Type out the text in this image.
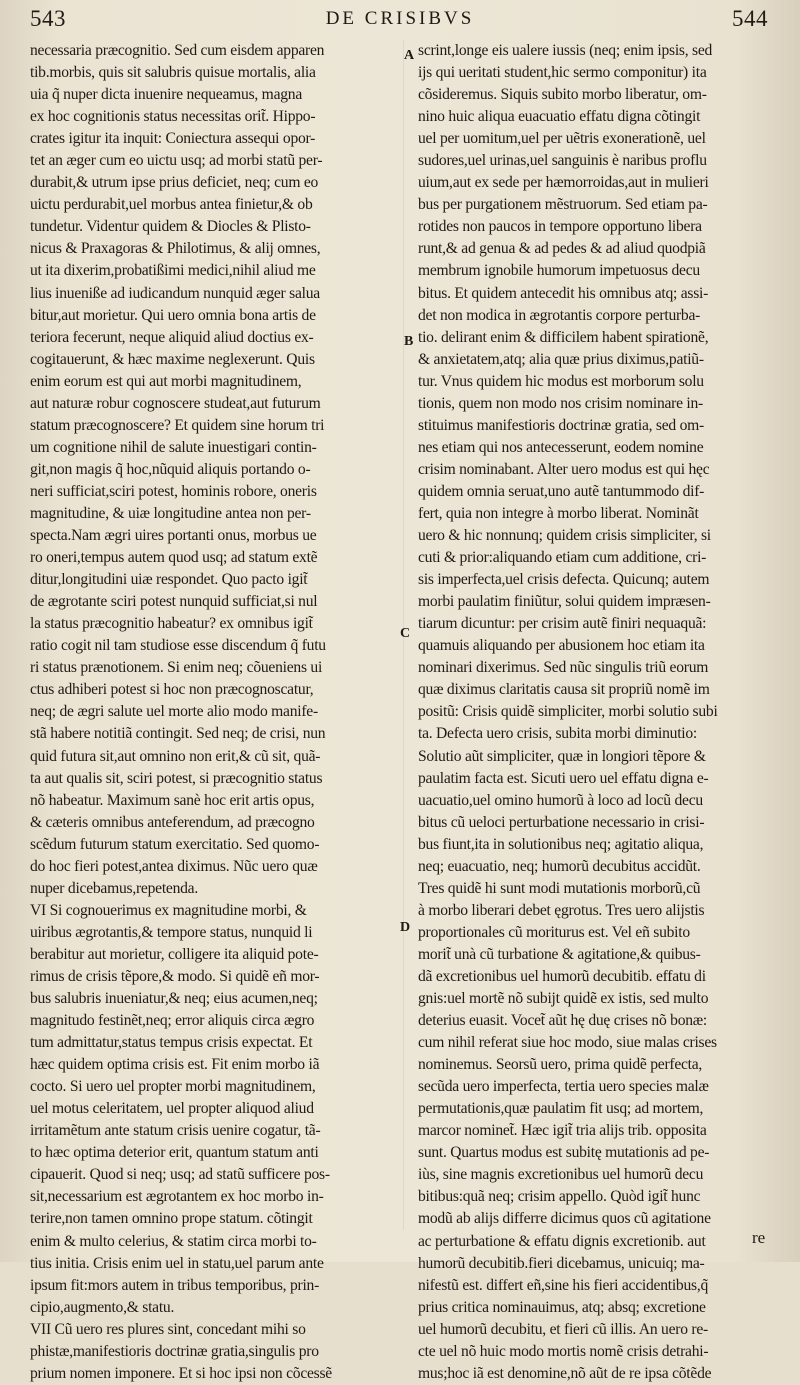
543	DE CRISIBVS	544
necessaria præcognitio. Sed cum eisdem apparen
tib.morbis, quis sit salubris quisue mortalis, alia
uia q̃ nuper dicta inuenire nequeamus, magna
ex hoc cognitionis status necessitas orit̃. Hippo-
crates igitur ita inquit: Coniectura assequi opor-
tet an æger cum eo uictu usq; ad morbi statũ per-
durabit,& utrum ipse prius deficiet, neq; cum eo
uictu perdurabit,uel morbus antea finietur,& ob
tundetur. Videntur quidem & Diocles & Plisto-
nicus & Praxagoras & Philotimus, & alij omnes,
ut ita dixerim,probatißimi medici,nihil aliud me
lius inueniße ad iudicandum nunquid æger salua
bitur,aut morietur. Qui uero omnia bona artis de
teriora fecerunt, neque aliquid aliud doctius ex-
cogitauerunt, & hæc maxime neglexerunt. Quis
enim eorum est qui aut morbi magnitudinem,
aut naturæ robur cognoscere studeat,aut futurum
statum præcognoscere? Et quidem sine horum tri
um cognitione nihil de salute inuestigari contin-
git,non magis q̃ hoc,nũquid aliquis portando o-
neri sufficiat,sciri potest, hominis robore, oneris
magnitudine, & uiæ longitudine antea non per-
specta.Nam ægri uires portanti onus, morbus ue
ro oneri,tempus autem quod usq; ad statum extẽ
ditur,longitudini uiæ respondet. Quo pacto igit̃
de ægrotante sciri potest nunquid sufficiat,si nul
la status præcognitio habeatur? ex omnibus igit̃
ratio cogit nil tam studiose esse discendum q̃ futu
ri status prænotionem. Si enim neq; cõueniens ui
ctus adhiberi potest si hoc non præcognoscatur,
neq; de ægri salute uel morte alio modo manife-
stã habere notitiã contingit. Sed neq; de crisi, nun
quid futura sit,aut omnino non erit,& cũ sit, quã-
ta aut qualis sit, sciri potest, si præcognitio status
nõ habeatur. Maximum sanè hoc erit artis opus,
& cæteris omnibus anteferendum, ad præcogno
scẽdum futurum statum exercitatio. Sed quomo-
do hoc fieri potest,antea diximus. Nũc uero quæ
nuper dicebamus,repetenda.
VI Si cognouerimus ex magnitudine morbi, &
uiribus ægrotantis,& tempore status, nunquid li
berabitur aut morietur, colligere ita aliquid pote-
rimus de crisis tẽpore,& modo. Si quidẽ eñ mor-
bus salubris inueniatur,& neq; eius acumen,neq;
magnitudo festinẽt,neq; error aliquis circa ægro
tum admittatur,status tempus crisis expectat. Et
hæc quidem optima crisis est. Fit enim morbo iã
cocto. Si uero uel propter morbi magnitudinem,
uel motus celeritatem, uel propter aliquod aliud
irritamẽtum ante statum crisis uenire cogatur, tã-
to hæc optima deterior erit, quantum statum anti
cipauerit. Quod si neq; usq; ad statũ sufficere pos-
sit,necessarium est ægrotantem ex hoc morbo in-
terire,non tamen omnino prope statum. cõtingit
enim & multo celerius, & statim circa morbi to-
tius initia. Crisis enim uel in statu,uel parum ante
ipsum fit:mors autem in tribus temporibus, prin-
cipio,augmento,& statu.
VII Cũ uero res plures sint, concedant mihi so
phistæ,manifestioris doctrinæ gratia,singulis pro
prium nomen imponere. Et si hoc ipsi non cõcessẽ
A
B
C
D
scrint,longe eis ualere iussis (neq; enim ipsis, sed
ijs qui ueritati student,hic sermo componitur) ita
cõsideremus. Siquis subito morbo liberatur, om-
nino huic aliqua euacuatio effatu digna cõtingit
uel per uomitum,uel per uẽtris exonerationẽ, uel
sudores,uel urinas,uel sanguinis è naribus proflu
uium,aut ex sede per hæmorroidas,aut in mulieri
bus per purgationem mẽstruorum. Sed etiam pa-
rotides non paucos in tempore opportuno libera
runt,& ad genua & ad pedes & ad aliud quodpiã
membrum ignobile humorum impetuosus decu
bitus. Et quidem antecedit his omnibus atq; assi-
det non modica in ægrotantis corpore perturba-
tio. delirant enim & difficilem habent spirationẽ,
& anxietatem,atq; alia quæ prius diximus,patiũ-
tur. Vnus quidem hic modus est morborum solu
tionis, quem non modo nos crisim nominare in-
stituimus manifestioris doctrinæ gratia, sed om-
nes etiam qui nos antecesserunt, eodem nomine
crisim nominabant. Alter uero modus est qui hęc
quidem omnia seruat,uno autẽ tantummodo dif-
fert, quia non integre à morbo liberat. Nominãt
uero & hic nonnunq; quidem crisis simpliciter, si
cuti & prior:aliquando etiam cum additione, cri-
sis imperfecta,uel crisis defecta. Quicunq; autem
morbi paulatim finiũtur, solui quidem impræsen-
tiarum dicuntur: per crisim autẽ finiri nequaquã:
quamuis aliquando per abusionem hoc etiam ita
nominari dixerimus. Sed nũc singulis triũ eorum
quæ diximus claritatis causa sit propriũ nomẽ im
positũ: Crisis quidẽ simpliciter, morbi solutio subi
ta. Defecta uero crisis, subita morbi diminutio:
Solutio aũt simpliciter, quæ in longiori tẽpore &
paulatim facta est. Sicuti uero uel effatu digna e-
uacuatio,uel omino humorũ à loco ad locũ decu
bitus cũ ueloci perturbatione necessario in crisi-
bus fiunt,ita in solutionibus neq; agitatio aliqua,
neq; euacuatio, neq; humorũ decubitus accidũt.
Tres quidẽ hi sunt modi mutationis morborũ,cũ
à morbo liberari debet ęgrotus. Tres uero alijstis
proportionales cũ moriturus est. Vel eñ subito
morit̃ unà cũ turbatione & agitatione,& quibus-
dã excretionibus uel humorũ decubitib. effatu di
gnis:uel mortẽ nõ subijt quidẽ ex istis, sed multo
deterius euasit. Vocet̃ aũt hę duę crises nõ bonæ:
cum nihil referat siue hoc modo, siue malas crises
nominemus. Seorsũ uero, prima quidẽ perfecta,
secũda uero imperfecta, tertia uero species malæ
permutationis,quæ paulatim fit usq; ad mortem,
marcor nominet̃. Hæc igit̃ tria alijs trib. opposita
sunt. Quartus modus est subitę mutationis ad pe-
iùs, sine magnis excretionibus uel humorũ decu
bitibus:quã neq; crisim appello. Quòd igit̃ hunc
modũ ab alijs differre dicimus quos cũ agitatione
ac perturbatione & effatu dignis excretionib. aut
humorũ decubitib.fieri dicebamus, unicuiq; ma-
nifestũ est. differt eñ,sine his fieri accidentibus,q̃
prius critica nominauimus, atq; absq; excretione
uel humorũ decubitu, et fieri cũ illis. An uero re-
cte uel nõ huic modo mortis nomẽ crisis detrahi-
mus;hoc iã est denomine,nõ aũt de re ipsa cõtẽde
re
